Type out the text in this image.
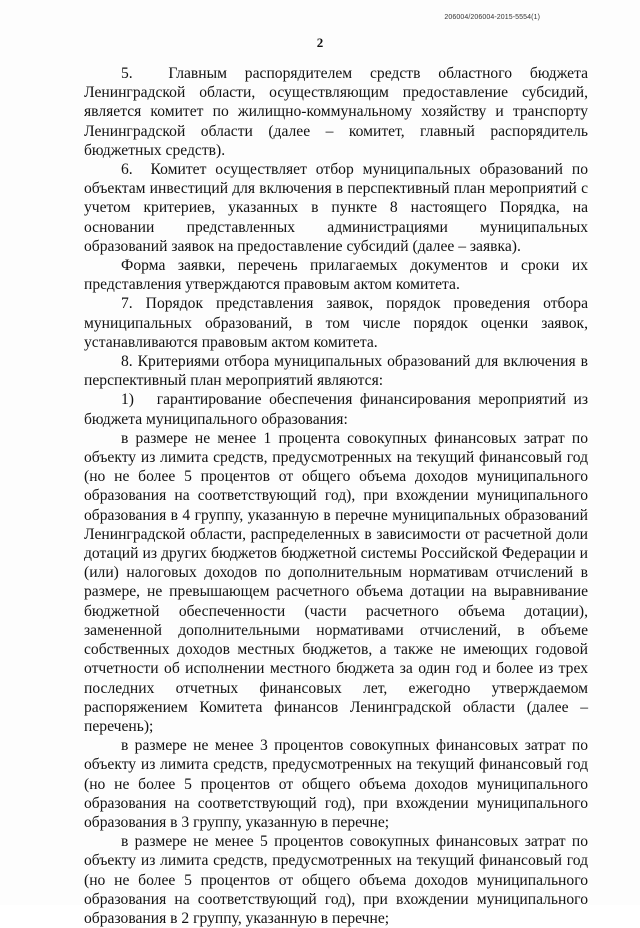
206004/206004-2015-5554(1)
2

5.  Главным распорядителем средств областного бюджета Ленинградской области, осуществляющим предоставление субсидий, является комитет по жилищно-коммунальному хозяйству и транспорту Ленинградской области (далее – комитет, главный распорядитель бюджетных средств).

6.  Комитет осуществляет отбор муниципальных образований по объектам инвестиций для включения в перспективный план мероприятий с учетом критериев, указанных в пункте 8 настоящего Порядка, на основании представленных администрациями муниципальных образований заявок на предоставление субсидий (далее – заявка).

Форма заявки, перечень прилагаемых документов и сроки их представления утверждаются правовым актом комитета.

7. Порядок представления заявок, порядок проведения отбора муниципальных образований, в том числе порядок оценки заявок, устанавливаются правовым актом комитета.

8. Критериями отбора муниципальных образований для включения в перспективный план мероприятий являются:

1)   гарантирование обеспечения финансирования мероприятий из бюджета муниципального образования:

в размере не менее 1 процента совокупных финансовых затрат по объекту из лимита средств, предусмотренных на текущий финансовый год (но не более 5 процентов от общего объема доходов муниципального образования на соответствующий год), при вхождении муниципального образования в 4 группу, указанную в перечне муниципальных образований Ленинградской области, распределенных в зависимости от расчетной доли дотаций из других бюджетов бюджетной системы Российской Федерации и (или) налоговых доходов по дополнительным нормативам отчислений в размере, не превышающем расчетного объема дотации на выравнивание бюджетной обеспеченности (части расчетного объема дотации), замененной дополнительными нормативами отчислений, в объеме собственных доходов местных бюджетов, а также не имеющих годовой отчетности об исполнении местного бюджета за один год и более из трех последних отчетных финансовых лет, ежегодно утверждаемом распоряжением Комитета финансов Ленинградской области (далее – перечень);

в размере не менее 3 процентов совокупных финансовых затрат по объекту из лимита средств, предусмотренных на текущий финансовый год (но не более 5 процентов от общего объема доходов муниципального образования на соответствующий год), при вхождении муниципального образования в 3 группу, указанную в перечне;

в размере не менее 5 процентов совокупных финансовых затрат по объекту из лимита средств, предусмотренных на текущий финансовый год (но не более 5 процентов от общего объема доходов муниципального образования на соответствующий год), при вхождении муниципального образования в 2 группу, указанную в перечне;
